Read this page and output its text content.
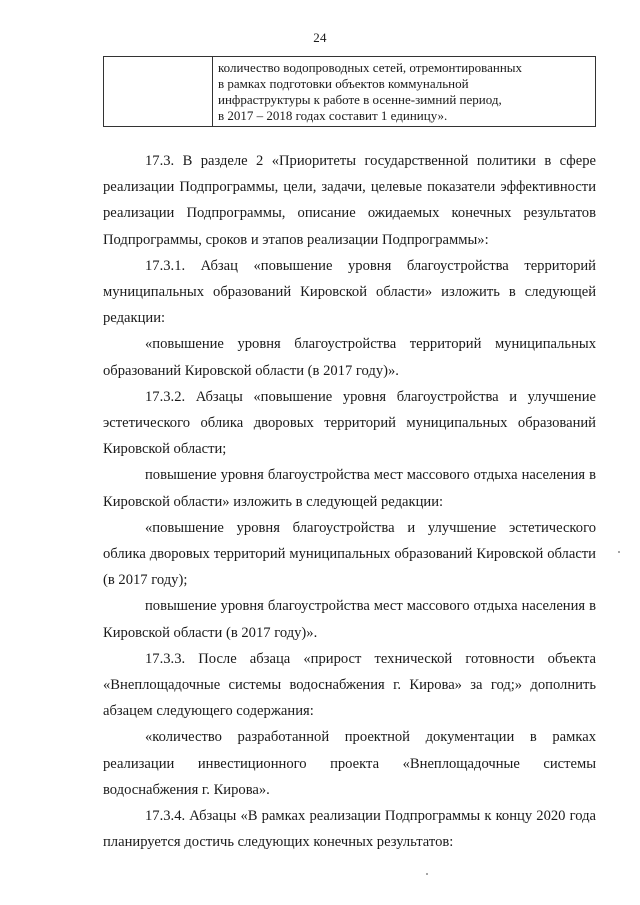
24

количество водопроводных сетей, отремонтированных
в рамках подготовки объектов коммунальной
инфраструктуры к работе в осенне-зимний период,
в 2017 – 2018 годах составит 1 единицу».

17.3. В разделе 2 «Приоритеты государственной политики в сфере реализации Подпрограммы, цели, задачи, целевые показатели эффективности реализации Подпрограммы, описание ожидаемых конечных результатов Подпрограммы, сроков и этапов реализации Подпрограммы»:

17.3.1. Абзац «повышение уровня благоустройства территорий муниципальных образований Кировской области» изложить в следующей редакции:

«повышение уровня благоустройства территорий муниципальных образований Кировской области (в 2017 году)».

17.3.2. Абзацы «повышение уровня благоустройства и улучшение эстетического облика дворовых территорий муниципальных образований Кировской области;

повышение уровня благоустройства мест массового отдыха населения в Кировской области» изложить в следующей редакции:

«повышение уровня благоустройства и улучшение эстетического облика дворовых территорий муниципальных образований Кировской области (в 2017 году);

повышение уровня благоустройства мест массового отдыха населения в Кировской области (в 2017 году)».

17.3.3. После абзаца «прирост технической готовности объекта «Внеплощадочные системы водоснабжения г. Кирова» за год;» дополнить абзацем следующего содержания:

«количество разработанной проектной документации в рамках реализации инвестиционного проекта «Внеплощадочные системы водоснабжения г. Кирова».

17.3.4. Абзацы «В рамках реализации Подпрограммы к концу 2020 года планируется достичь следующих конечных результатов:
